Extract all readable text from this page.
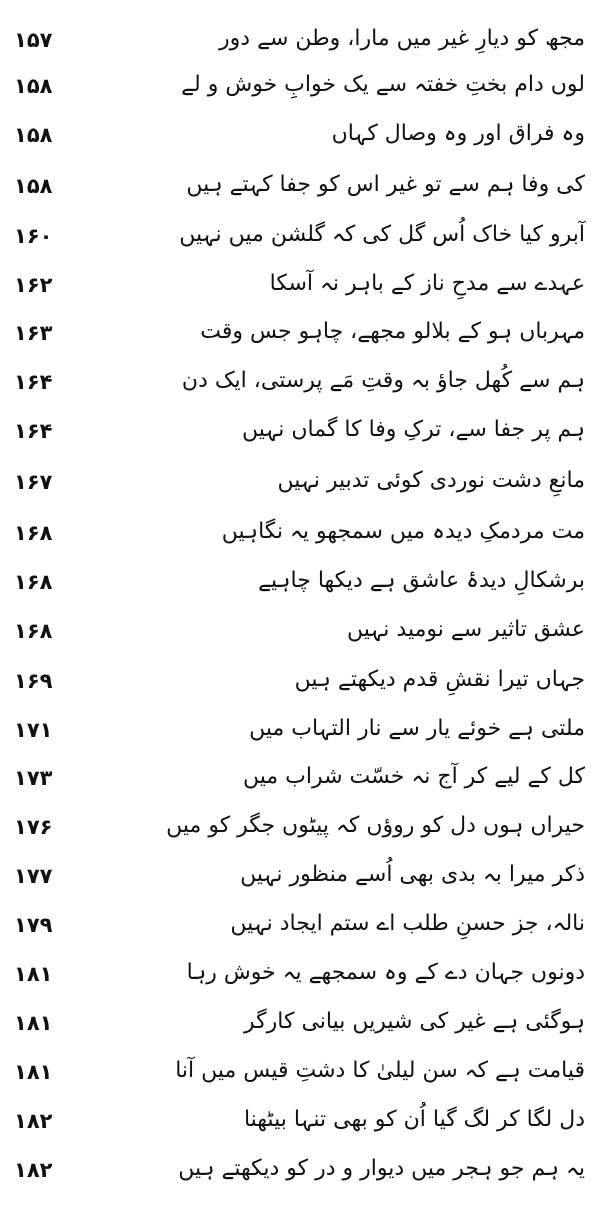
۱۵۷	مجھ کو دیارِ غیر میں مارا، وطن سے دور
۱۵۸	لوں دام بختِ خفتہ سے یک خوابِ خوش و لے
۱۵۸	وہ فراق اور وہ وصال کہاں
۱۵۸	کی وفا ہم سے تو غیر اس کو جفا کہتے ہیں
۱۶۰	آبرو کیا خاک اُس گل کی کہ گلشن میں نہیں
۱۶۲	عہدے سے مدحِ ناز کے باہر نہ آسکا
۱۶۳	مہرباں ہو کے بلالو مجھے، چاہو جس وقت
۱۶۴	ہم سے کُھل جاؤ بہ وقتِ مَے پرستی، ایک دن
۱۶۴	ہم پر جفا سے، ترکِ وفا کا گماں نہیں
۱۶۷	مانعِ دشت نوردی کوئی تدبیر نہیں
۱۶۸	مت مردمکِ دیدہ میں سمجھو یہ نگاہیں
۱۶۸	برشکالِ دیدۂ عاشق ہے دیکھا چاہیے
۱۶۸	عشق تاثیر سے نومید نہیں
۱۶۹	جہاں تیرا نقشِ قدم دیکھتے ہیں
۱۷۱	ملتی ہے خوئے یار سے نار التہاب میں
۱۷۳	کل کے لیے کر آج نہ خسّت شراب میں
۱۷۶	حیراں ہوں دل کو روؤں کہ پیٹوں جگر کو میں
۱۷۷	ذکر میرا بہ بدی بھی اُسے منظور نہیں
۱۷۹	نالہ، جز حسنِ طلب اے ستم ایجاد نہیں
۱۸۱	دونوں جہان دے کے وہ سمجھے یہ خوش رہا
۱۸۱	ہوگئی ہے غیر کی شیریں بیانی کارگر
۱۸۱	قیامت ہے کہ سن لیلیٰ کا دشتِ قیس میں آنا
۱۸۲	دل لگا کر لگ گیا اُن کو بھی تنہا بیٹھنا
۱۸۲	یہ ہم جو ہجر میں دیوار و در کو دیکھتے ہیں
